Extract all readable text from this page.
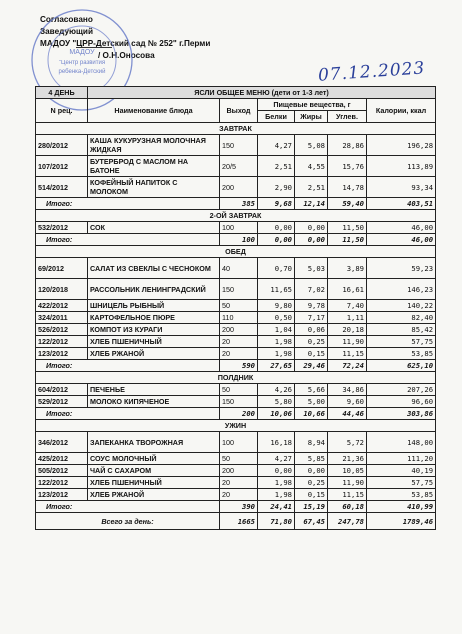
Согласовано
Заведующий
МАДОУ "ЦРР-Детский сад № 252" г.Перми
/ О.Н.Оносова
МАДОУ
"Центр развития
ребенка-Детский	07.12.2023
4 ДЕНЬ	ЯСЛИ ОБЩЕЕ МЕНЮ (дети от 1-3 лет)					
N рец.	Наименование блюда	Выход	Пищевые вещества, г			Калории, ккал
			Белки	Жиры	Углев.	
ЗАВТРАК						
280/2012	КАША КУКУРУЗНАЯ МОЛОЧНАЯ ЖИДКАЯ	150	4,27	5,08	28,86	196,28
107/2012	БУТЕРБРОД С МАСЛОМ НА БАТОНЕ	20/5	2,51	4,55	15,76	113,89
514/2012	КОФЕЙНЫЙ НАПИТОК С МОЛОКОМ	200	2,90	2,51	14,78	93,34
Итого:		385	9,68	12,14	59,40	403,51
2-ОЙ ЗАВТРАК						
532/2012	СОК	100	0,00	0,00	11,50	46,00
Итого:		100	0,00	0,00	11,50	46,00
ОБЕД						
69/2012	САЛАТ ИЗ СВЕКЛЫ С ЧЕСНОКОМ	40	0,70	5,03	3,89	59,23
120/2018	РАССОЛЬНИК ЛЕНИНГРАДСКИЙ	150	11,65	7,02	16,61	146,23
422/2012	ШНИЦЕЛЬ РЫБНЫЙ	50	9,80	9,78	7,40	140,22
324/2011	КАРТОФЕЛЬНОЕ ПЮРЕ	110	0,50	7,17	1,11	82,40
526/2012	КОМПОТ ИЗ КУРАГИ	200	1,04	0,06	20,18	85,42
122/2012	ХЛЕБ ПШЕНИЧНЫЙ	20	1,98	0,25	11,90	57,75
123/2012	ХЛЕБ РЖАНОЙ	20	1,98	0,15	11,15	53,85
Итого:		590	27,65	29,46	72,24	625,10
ПОЛДНИК						
604/2012	ПЕЧЕНЬЕ	50	4,26	5,66	34,86	207,26
529/2012	МОЛОКО КИПЯЧЕНОЕ	150	5,80	5,00	9,60	96,60
Итого:		200	10,06	10,66	44,46	303,86
УЖИН						
346/2012	ЗАПЕКАНКА ТВОРОЖНАЯ	100	16,18	8,94	5,72	148,00
425/2012	СОУС МОЛОЧНЫЙ	50	4,27	5,85	21,36	111,20
505/2012	ЧАЙ С САХАРОМ	200	0,00	0,00	10,05	40,19
122/2012	ХЛЕБ ПШЕНИЧНЫЙ	20	1,98	0,25	11,90	57,75
123/2012	ХЛЕБ РЖАНОЙ	20	1,98	0,15	11,15	53,85
Итого:		390	24,41	15,19	60,18	410,99
Всего за день:		1665	71,80	67,45	247,78	1789,46
